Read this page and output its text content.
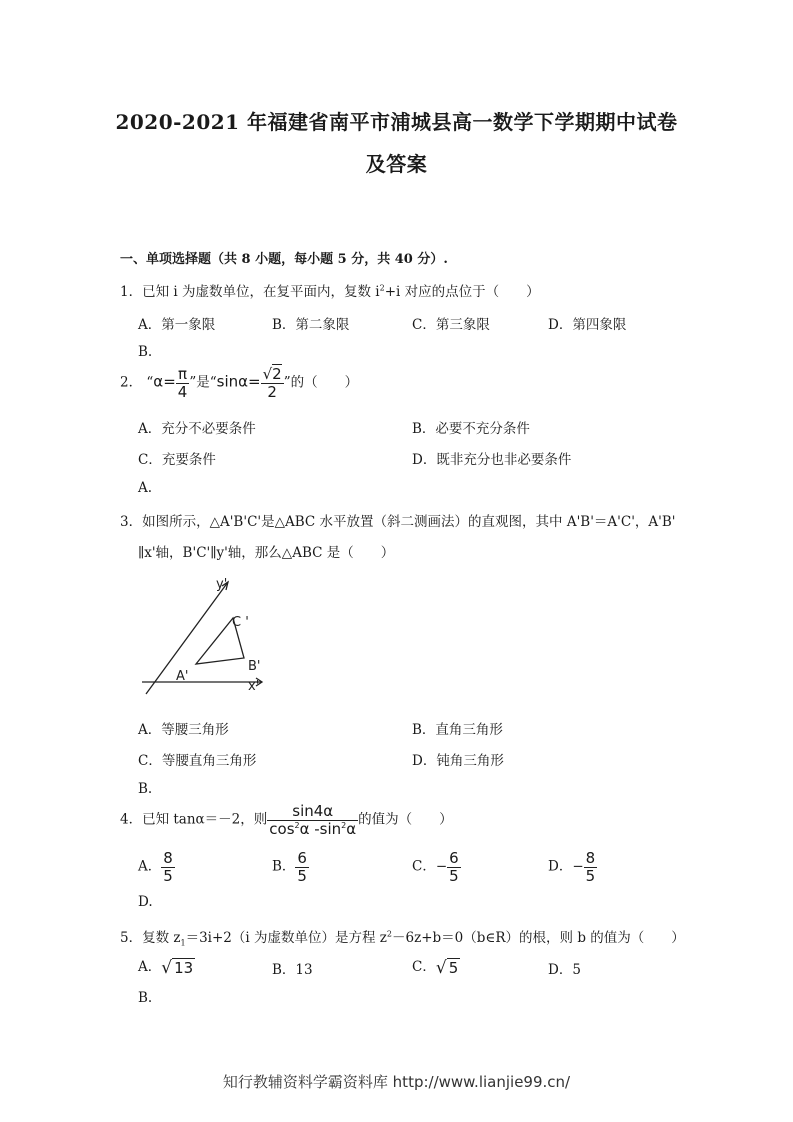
2020-2021 年福建省南平市浦城县高一数学下学期期中试卷
及答案
一、单项选择题（共 8 小题，每小题 5 分，共 40 分）.
1．已知 i 为虚数单位，在复平面内，复数 $i^2+i$ 对应的点位于（　　）
A．第一象限	B．第二象限	C．第三象限	D．第四象限
B.
2． “$\alpha= \frac{\pi}{4}$ ”是“$\sin\alpha= \frac{√2}{2}$ ”的（　　）
A．充分不必要条件	B．必要不充分条件
C．充要条件	D．既非充分也非必要条件
A.
3．如图所示，△A'B'C'是△ABC 水平放置（斜二测画法）的直观图，其中 A'B'＝A'C'，A'B'
∥x'轴，B'C'∥y'轴，那么△ABC 是（　　）
y'
x'
A'
B'
C '
A．等腰三角形	B．直角三角形
C．等腰直角三角形	D．钝角三角形
B.
4．已知 tanα＝－2，则 $\frac{\sin 4\alpha}{\cos^2\alpha -\sin^2\alpha}$ 的值为（　　）
A． $\frac{8}{5}$	B． $\frac{6}{5}$	C．− $\frac{6}{5}$	D．− $\frac{8}{5}$
D.
5．复数 $z_1=3i+2(i$ 为虚数单位）是方程 $z^2-6z+b=0(b\in R)$的根，则 b 的值为（　　）
A．√ 13	B．13	C．√ 5	D．5
B.
知行教辅资料学霸资料库 http://www.lianjie99.cn/
